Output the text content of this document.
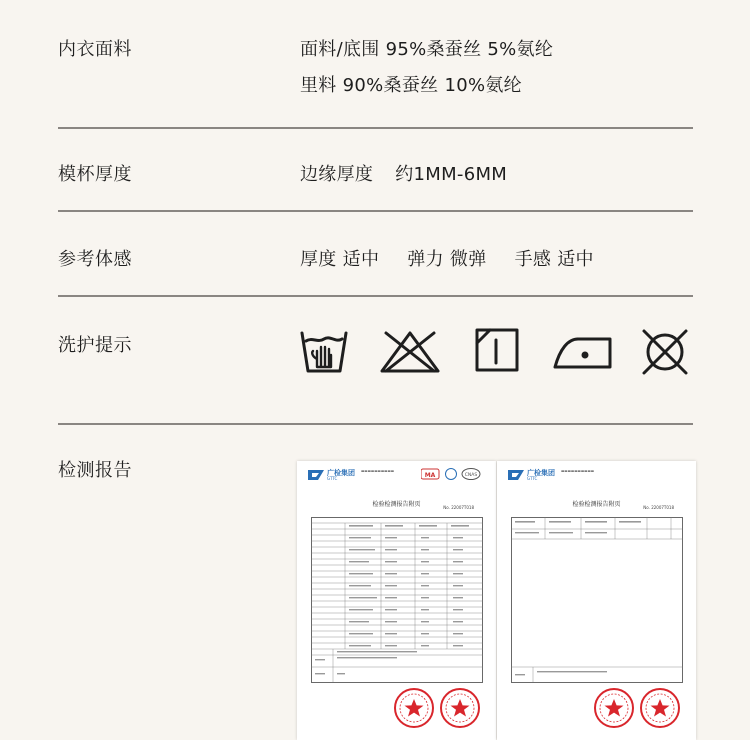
内衣面料	面料/底围 95%桑蚕丝 5%氨纶
里料 90%桑蚕丝 10%氨纶
模杯厚度	边缘厚度 约1MM-6MM
参考体感	厚度 适中 弹力 微弹 手感 适中
洗护提示
检测报告	广检集团
GTTC
▬▬▬▬▬▬▬▬▬▬
MA	CNAS
检验检测报告附页	No. 22007T018
广检集团
GTTC
▬▬▬▬▬▬▬▬▬▬
检验检测报告附页	No. 22007T018
